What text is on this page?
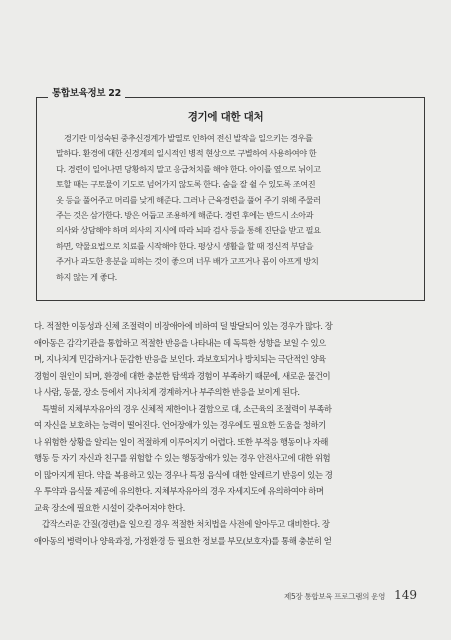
통합보육정보 22
경기에 대한 대처
경기란 미성숙된 중추신경계가 발열로 인하여 전신 발작을 일으키는 경우를
말하다. 환경에 대한 신경계의 일시적인 병적 현상으로 구별하여 사용하여야 한
다. 경련이 일어나면 당황하지 말고 응급처치를 해야 한다. 아이를 옆으로 뉘이고
토할 때는 구토물이 기도로 넘어가지 않도록 한다. 숨을 잘 쉴 수 있도록 조여진
옷 등을 풀어주고 머리를 낮게 해준다. 그러나 근육경련을 풀어 주기 위해 주물러
주는 것은 삼가한다. 방은 어둡고 조용하게 해준다. 경련 후에는 반드시 소아과
의사와 상담해야 하며 의사의 지시에 따라 뇌파 검사 등을 통해 진단을 받고 필요
하면, 약물요법으로 치료를 시작해야 한다. 평상시 생활을 할 때 정신적 부담을
주거나 과도한 흥분을 피하는 것이 좋으며 너무 배가 고프거나 몸이 아프게 방치
하지 않는 게 좋다.
다. 적절한 이동성과 신체 조절력이 비장애아에 비하여 덜 발달되어 있는 경우가 많다. 장
애아동은 감각기관을 통합하고 적절한 반응을 나타내는 데 독특한 성향을 보일 수 있으
며, 지나치게 민감하거나 둔감한 반응을 보인다. 과보호되거나 방치되는 극단적인 양육
경험이 원인이 되며, 환경에 대한 충분한 탐색과 경험이 부족하기 때문에, 새로운 물건이
나 사람, 동물, 장소 등에서 지나치게 경계하거나 부주의한 반응을 보이게 된다.
특별히 지체부자유아의 경우 신체적 제한이나 결함으로 대, 소근육의 조절력이 부족하
여 자신을 보호하는 능력이 떨어진다. 언어장애가 있는 경우에도 필요한 도움을 청하기
나 위험한 상황을 알리는 일이 적절하게 이루어지기 어렵다. 또한 부적응 행동이나 자해
행동 등 자기 자신과 친구를 위험할 수 있는 행동장애가 있는 경우 안전사고에 대한 위험
이 많아지게 된다. 약을 복용하고 있는 경우나 특정 음식에 대한 알레르기 반응이 있는 경
우 투약과 음식물 제공에 유의한다. 지체부자유아의 경우 자세지도에 유의하여야 하며
교육 장소에 필요한 시설이 갖추어져야 한다.
갑작스러운 간질(경련)을 일으킬 경우 적절한 처치법을 사전에 알아두고 대비한다. 장
애아동의 병력이나 양육과정, 가정환경 등 필요한 정보를 부모(보호자)를 통해 충분히 얻
제5장 통합보육 프로그램의 운영 149
